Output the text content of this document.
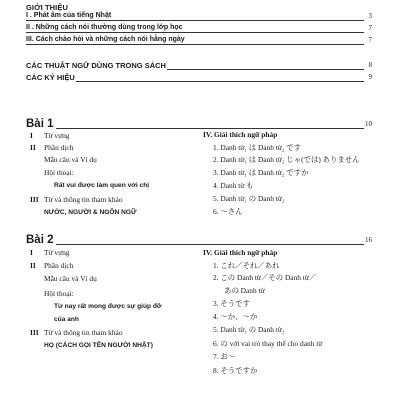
GIỚI THIỆU
I . Phát âm của tiếng Nhật	3
II . Những cách nói thường dùng trong lớp học	7
III. Cách chào hỏi và những cách nói hằng ngày	7
CÁC THUẬT NGỮ DÙNG TRONG SÁCH	8
CÁC KÝ HIỆU	9
Bài 1	10
I Từ vựng
II Phần dịch
Mẫu câu và Ví dụ
Hội thoại:
Rất vui được làm quen với chị
III Từ và thông tin tham khảo
NƯỚC, NGƯỜI & NGÔN NGỮ
IV. Giải thích ngữ pháp
1. Danh từ₁ は Danh từ₂ です
2. Danh từ₁ は Danh từ₂ じゃ(では) ありません
3. Danh từ₁ は Danh từ₂ ですか
4. Danh từ も
5. Danh từ₁ の Danh từ₂
6. ～さん
Bài 2	16
I Từ vựng
II Phần dịch
Mẫu câu và Ví dụ
Hội thoại:
Từ nay rất mong được sự giúp đỡ
của anh
III Từ và thông tin tham khảo
HỌ (CÁCH GỌI TÊN NGƯỜI NHẬT)
IV. Giải thích ngữ pháp
1. これ／それ／あれ
2. この Danh từ／その Danh từ／
あの Danh từ
3. そうです
4. ～か、～か
5. Danh từ₁ の Danh từ₂
6. の với vai trò thay thế cho danh từ
7. お～
8. そうですか
